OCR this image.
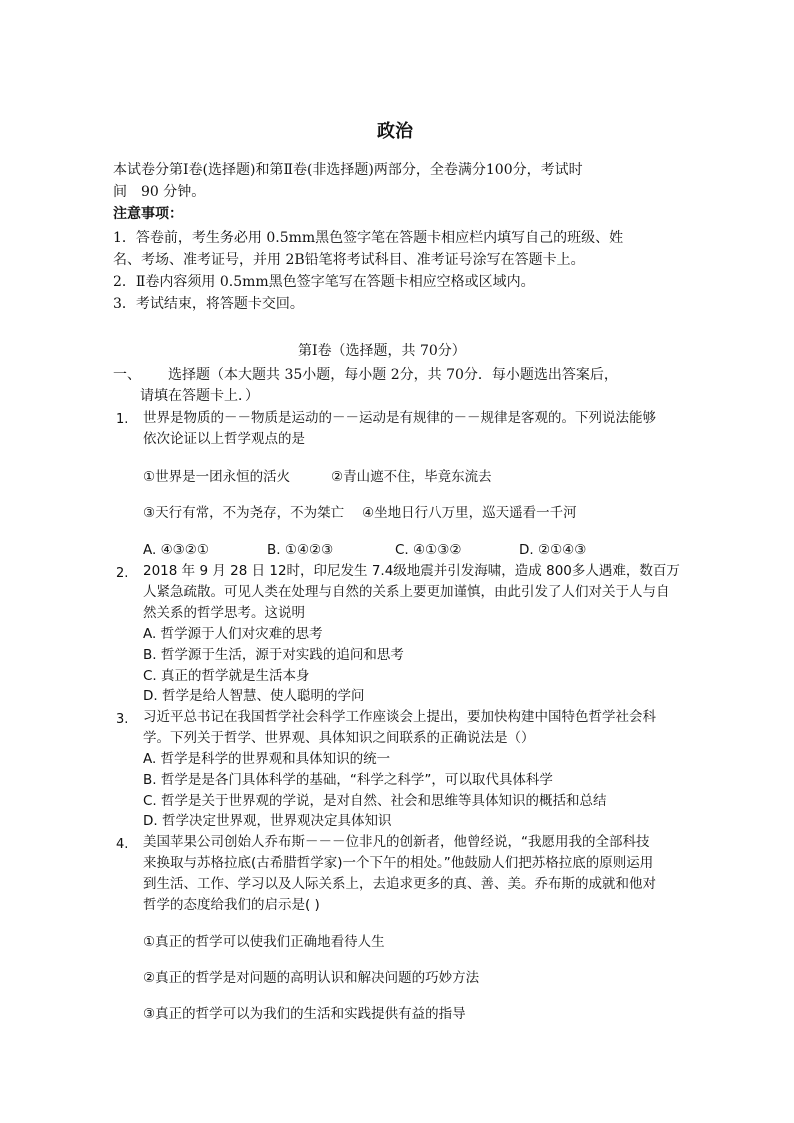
政治
本试卷分第Ⅰ卷(选择题)和第Ⅱ卷(非选择题)两部分，全卷满分100分，考试时
间　90 分钟。
注意事项：
1．答卷前，考生务必用 0.5mm黑色签字笔在答题卡相应栏内填写自己的班级、姓
名、考场、准考证号，并用 2B铅笔将考试科目、准考证号涂写在答题卡上。
2．Ⅱ卷内容须用 0.5mm黑色签字笔写在答题卡相应空格或区域内。
3．考试结束，将答题卡交回。
第Ⅰ卷（选择题，共 70分）
一、 选择题（本大题共 35小题，每小题 2分，共 70分．每小题选出答案后，
请填在答题卡上．）
1. 世界是物质的－－物质是运动的－－运动是有规律的－－规律是客观的。下列说法能够
依次论证以上哲学观点的是
①世界是一团永恒的活火	②青山遮不住，毕竟东流去
③天行有常，不为尧存，不为桀亡 ④坐地日行八万里，巡天遥看一千河
A. ④③②①	B. ①④②③	C. ④①③②	D. ②①④③
2. 2018 年 9 月 28 日 12时，印尼发生 7.4级地震并引发海啸，造成 800多人遇难，数百万
人紧急疏散。可见人类在处理与自然的关系上要更加谨慎，由此引发了人们对关于人与自
然关系的哲学思考。这说明
A. 哲学源于人们对灾难的思考
B. 哲学源于生活，源于对实践的追问和思考
C. 真正的哲学就是生活本身
D. 哲学是给人智慧、使人聪明的学问
3. 习近平总书记在我国哲学社会科学工作座谈会上提出，要加快构建中国特色哲学社会科
学。下列关于哲学、世界观、具体知识之间联系的正确说法是（）
A. 哲学是科学的世界观和具体知识的统一
B. 哲学是是各门具体科学的基础，“科学之科学”，可以取代具体科学
C. 哲学是关于世界观的学说，是对自然、社会和思维等具体知识的概括和总结
D. 哲学决定世界观，世界观决定具体知识
4. 美国苹果公司创始人乔布斯－－－位非凡的创新者，他曾经说，“我愿用我的全部科技
来换取与苏格拉底(古希腊哲学家)一个下午的相处。”他鼓励人们把苏格拉底的原则运用
到生活、工作、学习以及人际关系上，去追求更多的真、善、美。乔布斯的成就和他对
哲学的态度给我们的启示是( )
①真正的哲学可以使我们正确地看待人生
②真正的哲学是对问题的高明认识和解决问题的巧妙方法
③真正的哲学可以为我们的生活和实践提供有益的指导
